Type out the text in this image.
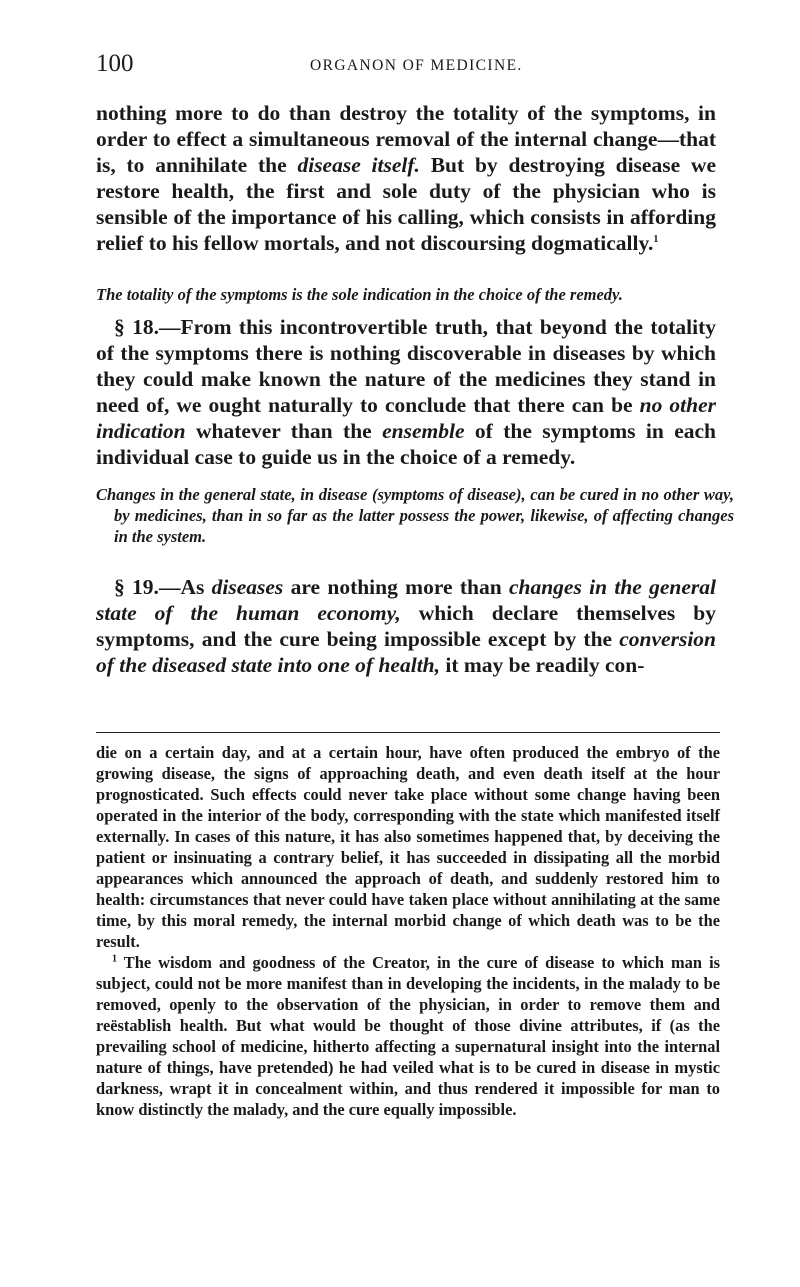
100	ORGANON OF MEDICINE.
nothing more to do than destroy the totality of the symptoms, in order to effect a simultaneous removal of the internal change—that is, to annihilate the disease itself. But by destroying disease we restore health, the first and sole duty of the physician who is sensible of the importance of his calling, which consists in affording relief to his fellow mortals, and not discoursing dogmatically.$^1$
The totality of the symptoms is the sole indication in the choice of the remedy.
§ 18.—From this incontrovertible truth, that beyond the totality of the symptoms there is nothing discoverable in diseases by which they could make known the nature of the medicines they stand in need of, we ought naturally to conclude that there can be no other indication whatever than the ensemble of the symptoms in each individual case to guide us in the choice of a remedy.
Changes in the general state, in disease (symptoms of disease), can be cured in no other way, by medicines, than in so far as the latter possess the power, likewise, of affecting changes in the system.
§ 19.—As diseases are nothing more than changes in the general state of the human economy, which declare themselves by symptoms, and the cure being impossible except by the conversion of the diseased state into one of health, it may be readily con-

die on a certain day, and at a certain hour, have often produced the embryo of the growing disease, the signs of approaching death, and even death itself at the hour prognosticated. Such effects could never take place without some change having been operated in the interior of the body, corresponding with the state which manifested itself externally. In cases of this nature, it has also sometimes happened that, by deceiving the patient or insinuating a contrary belief, it has succeeded in dissipating all the morbid appearances which announced the approach of death, and suddenly restored him to health: circumstances that never could have taken place without annihilating at the same time, by this moral remedy, the internal morbid change of which death was to be the result.

$^1$ The wisdom and goodness of the Creator, in the cure of disease to which man is subject, could not be more manifest than in developing the incidents, in the malady to be removed, openly to the observation of the physician, in order to remove them and reëstablish health. But what would be thought of those divine attributes, if (as the prevailing school of medicine, hitherto affecting a supernatural insight into the internal nature of things, have pretended) he had veiled what is to be cured in disease in mystic darkness, wrapt it in concealment within, and thus rendered it impossible for man to know distinctly the malady, and the cure equally impossible.
